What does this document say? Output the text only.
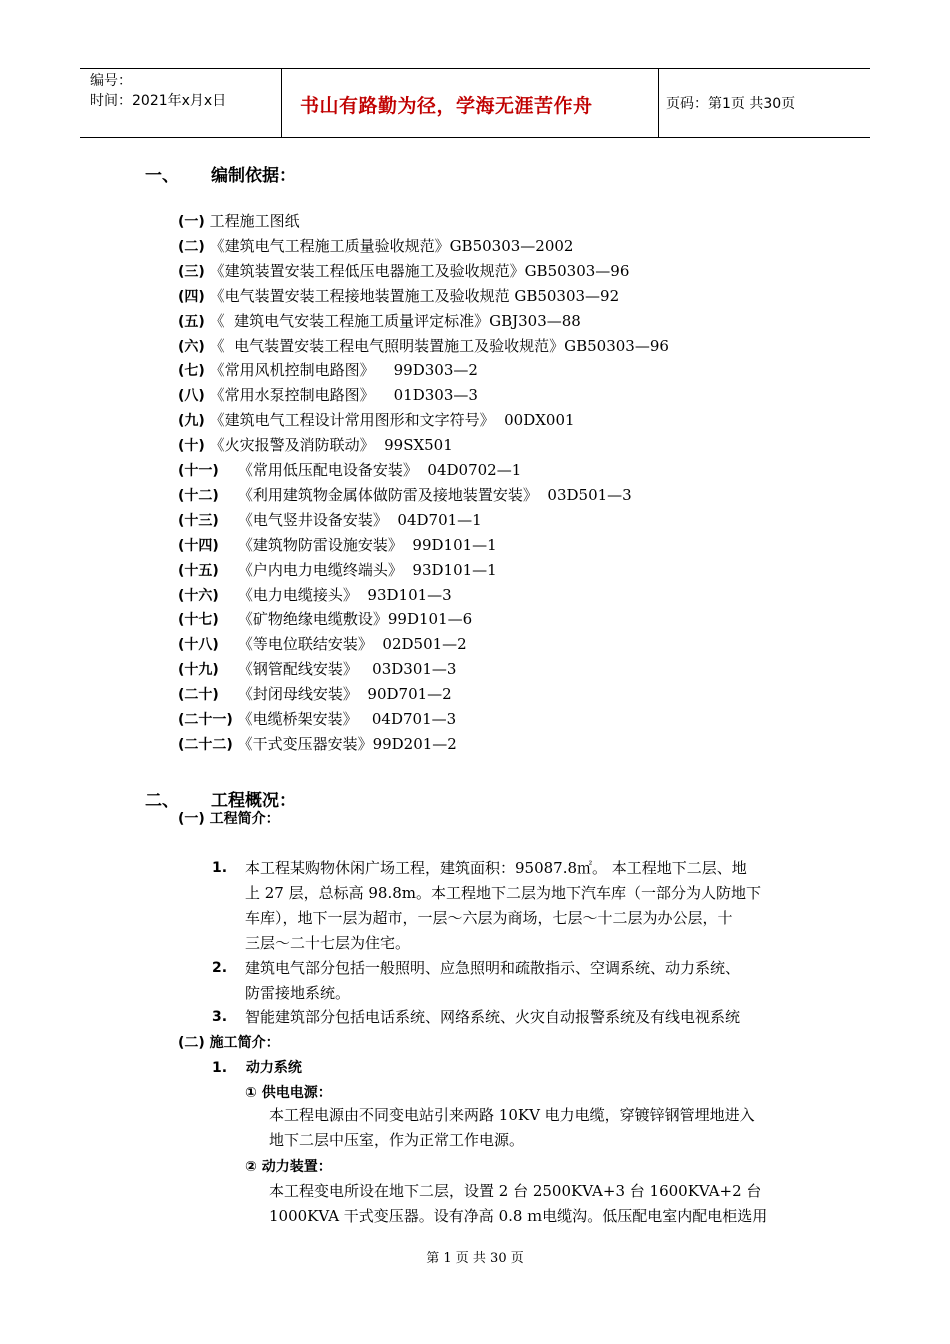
编号：
时间：2021年x月x日	书山有路勤为径，学海无涯苦作舟	页码：第1页 共30页
一、 编制依据：
(一) 工程施工图纸
(二) 《建筑电气工程施工质量验收规范》GB50303—2002
(三) 《建筑装置安装工程低压电器施工及验收规范》GB50303—96
(四) 《电气装置安装工程接地装置施工及验收规范 GB50303—92
(五) 《  建筑电气安装工程施工质量评定标准》GBJ303—88
(六) 《  电气装置安装工程电气照明装置施工及验收规范》GB50303—96
(七) 《常用风机控制电路图》    99D303—2
(八) 《常用水泵控制电路图》    01D303—3
(九) 《建筑电气工程设计常用图形和文字符号》  00DX001
(十) 《火灾报警及消防联动》  99SX501
(十一)    《常用低压配电设备安装》  04D0702—1
(十二)    《利用建筑物金属体做防雷及接地装置安装》  03D501—3
(十三)    《电气竖井设备安装》  04D701—1
(十四)    《建筑物防雷设施安装》  99D101—1
(十五)    《户内电力电缆终端头》  93D101—1
(十六)    《电力电缆接头》  93D101—3
(十七)    《矿物绝缘电缆敷设》99D101—6
(十八)    《等电位联结安装》  02D501—2
(十九)    《钢管配线安装》   03D301—3
(二十)    《封闭母线安装》  90D701—2
(二十一) 《电缆桥架安装》   04D701—3
(二十二) 《干式变压器安装》99D201—2
二、 工程概况：
(一) 工程简介：
1. 本工程某购物休闲广场工程，建筑面积：95087.8㎡。 本工程地下二层、地
上 27 层，总标高 98.8m。本工程地下二层为地下汽车库（一部分为人防地下
车库），地下一层为超市，一层～六层为商场，七层～十二层为办公层，十
三层～二十七层为住宅。
2. 建筑电气部分包括一般照明、应急照明和疏散指示、空调系统、动力系统、
防雷接地系统。
3. 智能建筑部分包括电话系统、网络系统、火灾自动报警系统及有线电视系统
(二) 施工简介：
1. 动力系统
① 供电电源：
本工程电源由不同变电站引来两路 10KV 电力电缆，穿镀锌钢管埋地进入
地下二层中压室，作为正常工作电源。
② 动力装置：
本工程变电所设在地下二层，设置 2 台 2500KVA+3 台 1600KVA+2 台
1000KVA 干式变压器。设有净高 0.8 ｍ电缆沟。低压配电室内配电柜选用
第 1 页 共 30 页
